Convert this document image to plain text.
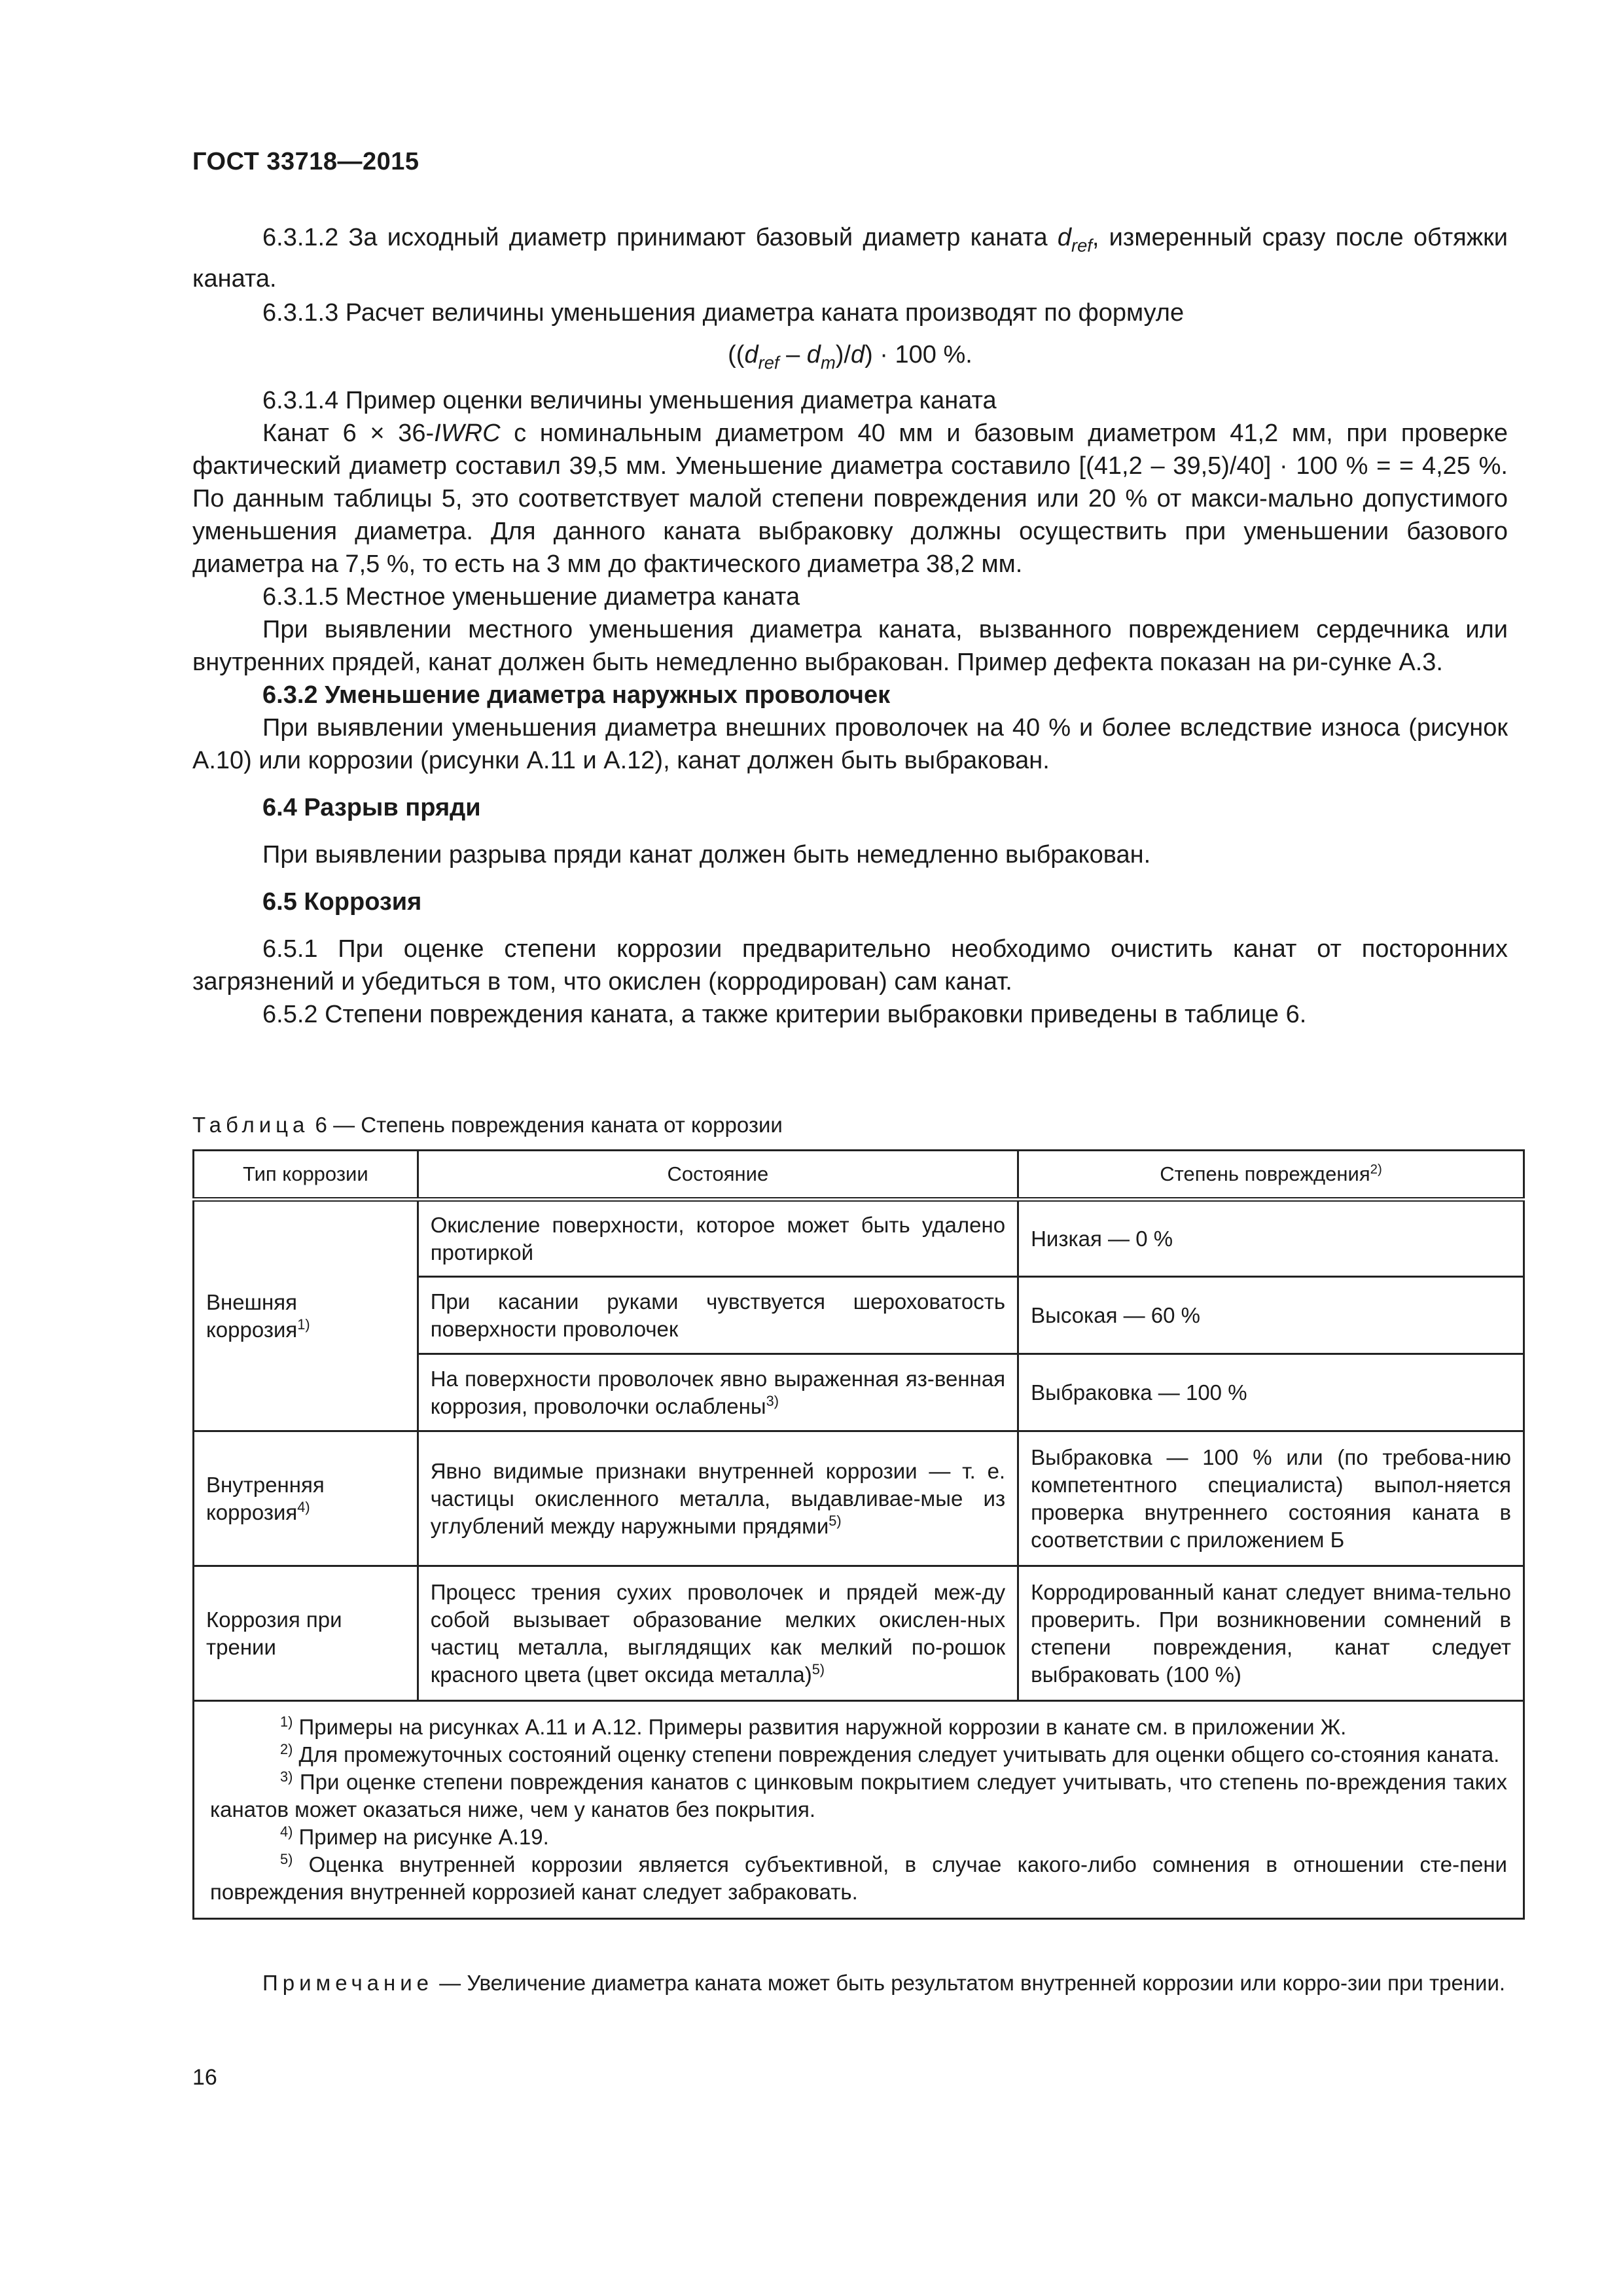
ГОСТ 33718—2015

6.3.1.2 За исходный диаметр принимают базовый диаметр каната $d_{ref}$, измеренный сразу после обтяжки каната.

6.3.1.3 Расчет величины уменьшения диаметра каната производят по формуле

$((d_{ref} - d_m)/d) \cdot 100$ %.

6.3.1.4 Пример оценки величины уменьшения диаметра каната

Канат 6 × 36-IWRC с номинальным диаметром 40 мм и базовым диаметром 41,2 мм, при проверке фактический диаметр составил 39,5 мм. Уменьшение диаметра составило [(41,2 – 39,5)/40] · 100 % = = 4,25 %. По данным таблицы 5, это соответствует малой степени повреждения или 20 % от макси-мально допустимого уменьшения диаметра. Для данного каната выбраковку должны осуществить при уменьшении базового диаметра на 7,5 %, то есть на 3 мм до фактического диаметра 38,2 мм.

6.3.1.5 Местное уменьшение диаметра каната

При выявлении местного уменьшения диаметра каната, вызванного повреждением сердечника или внутренних прядей, канат должен быть немедленно выбракован. Пример дефекта показан на ри-сунке А.3.

6.3.2 Уменьшение диаметра наружных проволочек

При выявлении уменьшения диаметра внешних проволочек на 40 % и более вследствие износа (рисунок А.10) или коррозии (рисунки А.11 и А.12), канат должен быть выбракован.

6.4 Разрыв пряди

При выявлении разрыва пряди канат должен быть немедленно выбракован.

6.5 Коррозия

6.5.1 При оценке степени коррозии предварительно необходимо очистить канат от посторонних загрязнений и убедиться в том, что окислен (корродирован) сам канат.

6.5.2 Степени повреждения каната, а также критерии выбраковки приведены в таблице 6.

Таблица 6 — Степень повреждения каната от коррозии
Тип коррозии	Состояние	Степень повреждения$^{2)}$
Внешняя коррозия$^{1)}$	Окисление поверхности, которое может быть удалено протиркой	Низкая — 0 %
	При касании руками чувствуется шероховатость поверхности проволочек	Высокая — 60 %
	На поверхности проволочек явно выраженная яз-венная коррозия, проволочки ослаблены$^{3)}$	Выбраковка — 100 %
Внутренняя коррозия$^{4)}$	Явно видимые признаки внутренней коррозии — т. е. частицы окисленного металла, выдавливае-мые из углублений между наружными прядями$^{5)}$	Выбраковка — 100 % или (по требова-нию компетентного специалиста) выпол-няется проверка внутреннего состояния каната в соответствии с приложением Б
Коррозия при трении	Процесс трения сухих проволочек и прядей меж-ду собой вызывает образование мелких окислен-ных частиц металла, выглядящих как мелкий по-рошок красного цвета (цвет оксида металла)$^{5)}$	Корродированный канат следует внима-тельно проверить. При возникновении сомнений в степени повреждения, канат следует выбраковать (100 %)

$^{1)}$ Примеры на рисунках А.11 и А.12. Примеры развития наружной коррозии в канате см. в приложении Ж.

$^{2)}$ Для промежуточных состояний оценку степени повреждения следует учитывать для оценки общего со-стояния каната.

$^{3)}$ При оценке степени повреждения канатов с цинковым покрытием следует учитывать, что степень по-вреждения таких канатов может оказаться ниже, чем у канатов без покрытия.

$^{4)}$ Пример на рисунке А.19.

$^{5)}$ Оценка внутренней коррозии является субъективной, в случае какого-либо сомнения в отношении сте-пени повреждения внутренней коррозией канат следует забраковать.		

Примечание — Увеличение диаметра каната может быть результатом внутренней коррозии или корро-зии при трении.
16
